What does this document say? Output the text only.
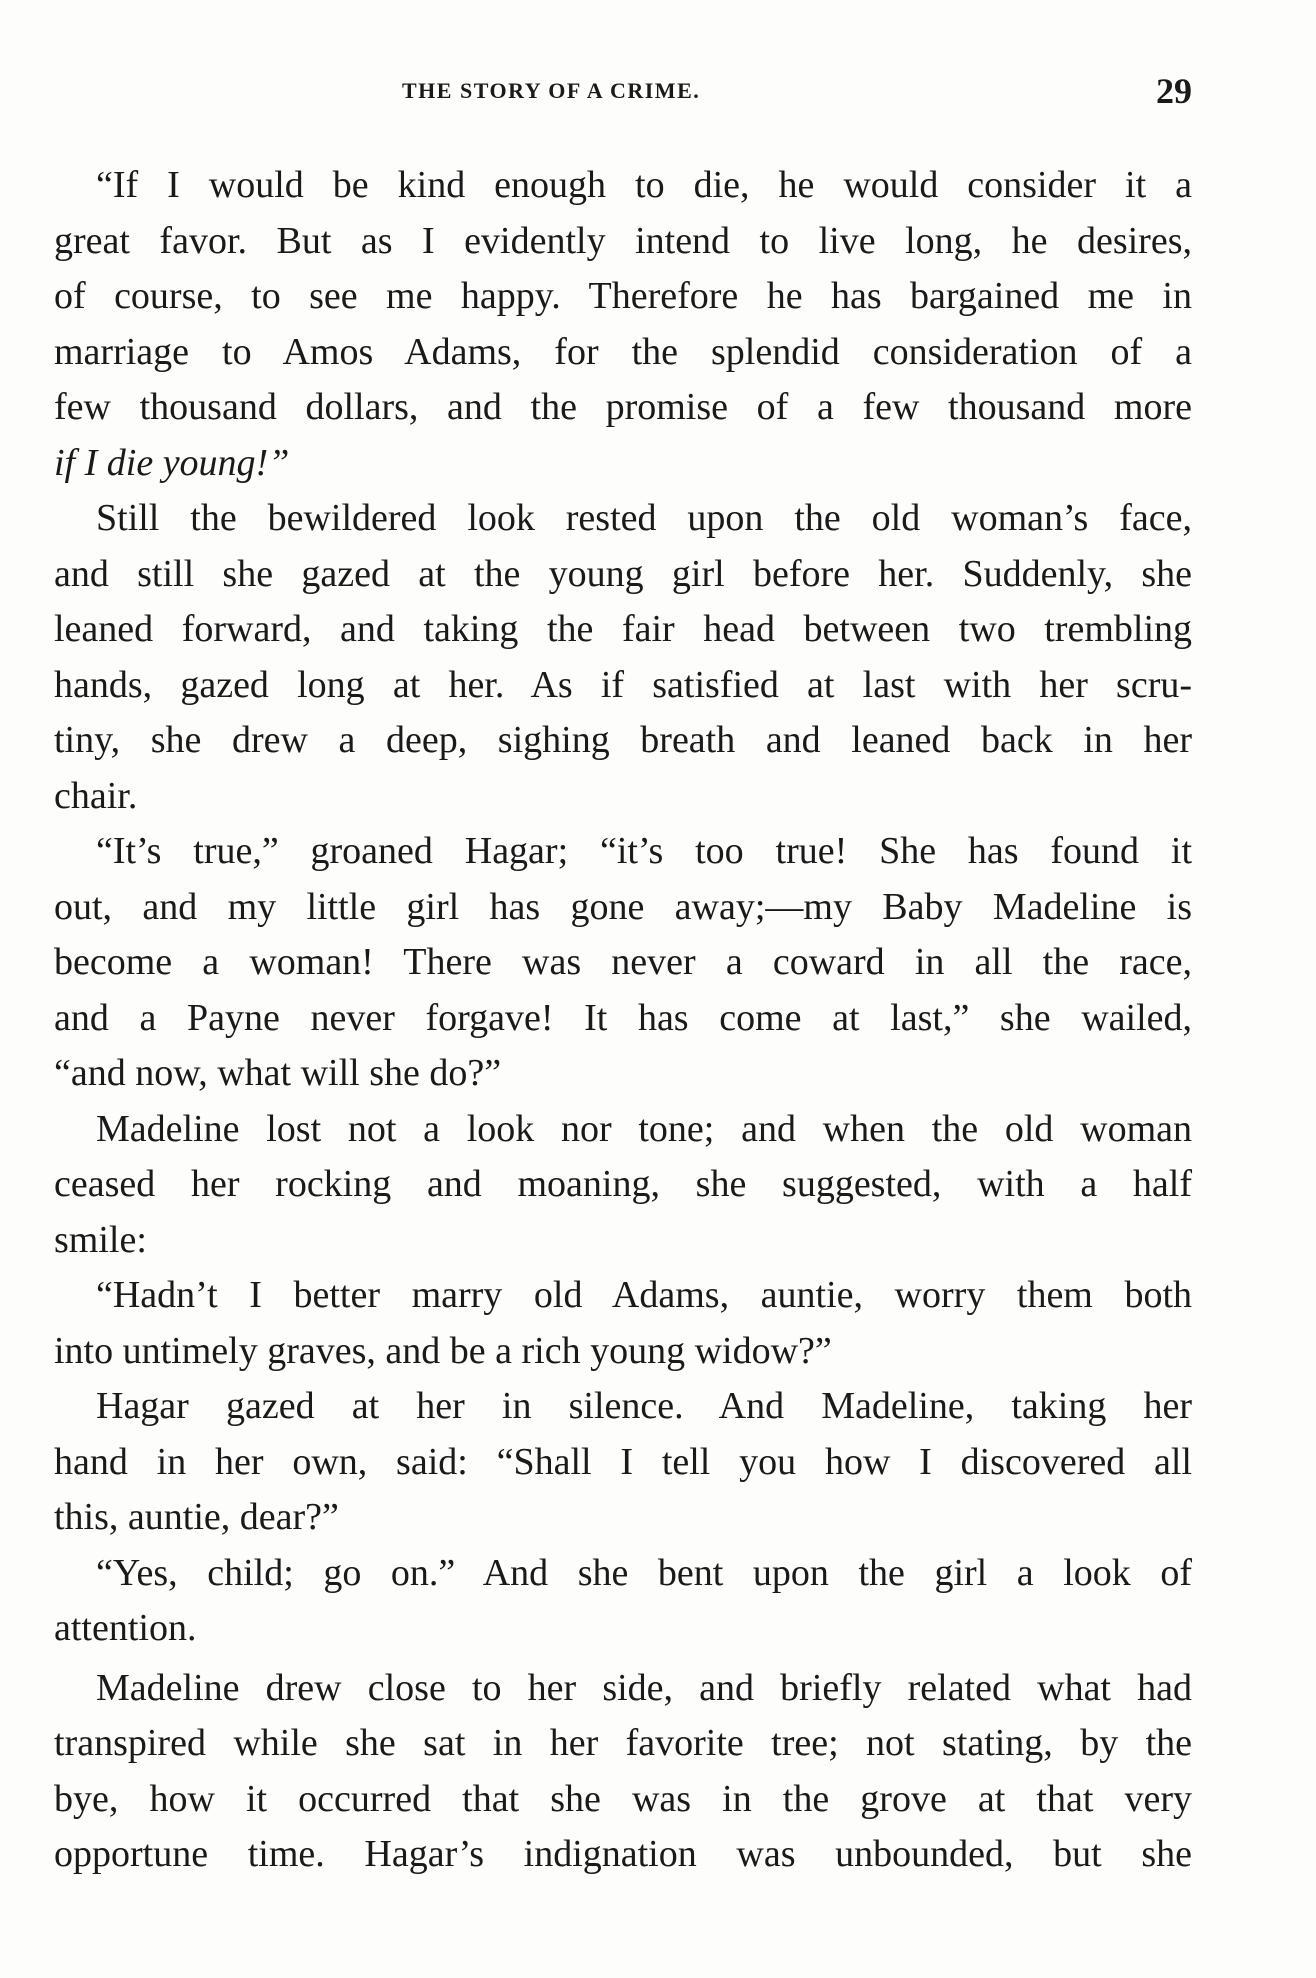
THE STORY OF A CRIME.	29
“If I would be kind enough to die, he would consider it a
great favor. But as I evidently intend to live long, he desires,
of course, to see me happy. Therefore he has bargained me in
marriage to Amos Adams, for the splendid consideration of a
few thousand dollars, and the promise of a few thousand more
if I die young!”
Still the bewildered look rested upon the old woman’s face,
and still she gazed at the young girl before her. Suddenly, she
leaned forward, and taking the fair head between two trembling
hands, gazed long at her. As if satisfied at last with her scru-
tiny, she drew a deep, sighing breath and leaned back in her
chair.
“It’s true,” groaned Hagar; “it’s too true! She has found it
out, and my little girl has gone away;—my Baby Madeline is
become a woman! There was never a coward in all the race,
and a Payne never forgave! It has come at last,” she wailed,
“and now, what will she do?”
Madeline lost not a look nor tone; and when the old woman
ceased her rocking and moaning, she suggested, with a half
smile:
“Hadn’t I better marry old Adams, auntie, worry them both
into untimely graves, and be a rich young widow?”
Hagar gazed at her in silence. And Madeline, taking her
hand in her own, said: “Shall I tell you how I discovered all
this, auntie, dear?”
“Yes, child; go on.” And she bent upon the girl a look of
attention.
Madeline drew close to her side, and briefly related what had
transpired while she sat in her favorite tree; not stating, by the
bye, how it occurred that she was in the grove at that very
opportune time. Hagar’s indignation was unbounded, but she
